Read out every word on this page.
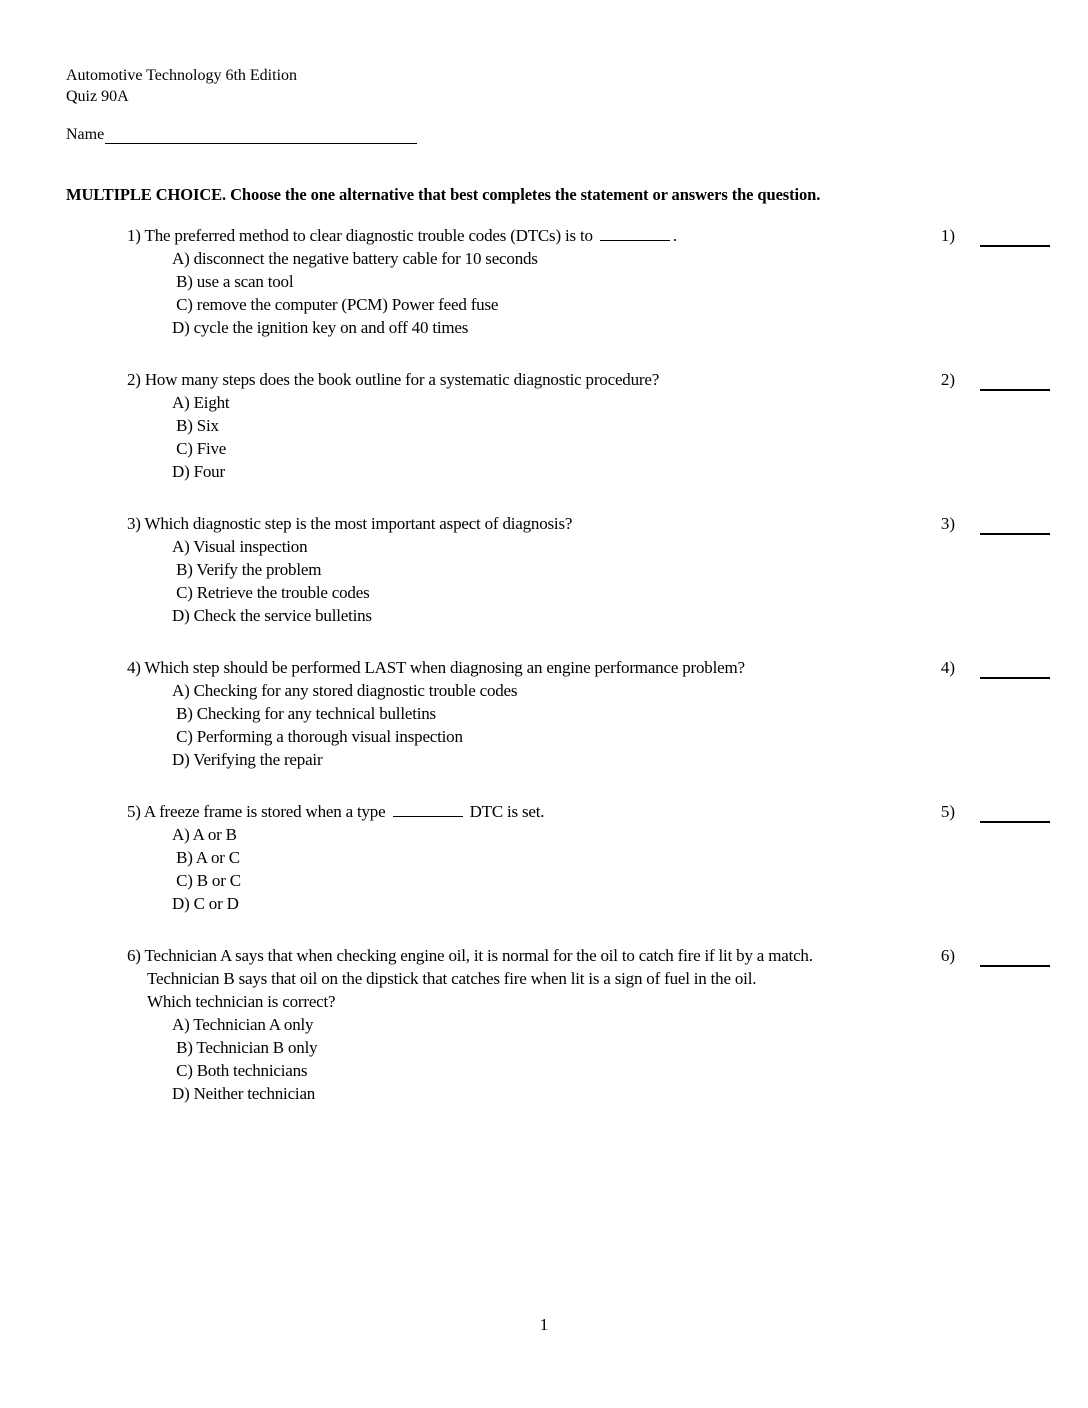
Automotive Technology 6th Edition
Quiz 90A
Name
MULTIPLE CHOICE. Choose the one alternative that best completes the statement or answers the question.
1) The preferred method to clear diagnostic trouble codes (DTCs) is to	.
A) disconnect the negative battery cable for 10 seconds
B) use a scan tool
C) remove the computer (PCM) Power feed fuse
D) cycle the ignition key on and off 40 times
1)
2) How many steps does the book outline for a systematic diagnostic procedure?
A) Eight
B) Six
C) Five
D) Four
2)
3) Which diagnostic step is the most important aspect of diagnosis?
A) Visual inspection
B) Verify the problem
C) Retrieve the trouble codes
D) Check the service bulletins
3)
4) Which step should be performed LAST when diagnosing an engine performance problem?
A) Checking for any stored diagnostic trouble codes
B) Checking for any technical bulletins
C) Performing a thorough visual inspection
D) Verifying the repair
4)
5) A freeze frame is stored when a type	DTC is set.
A) A or B
B) A or C
C) B or C
D) C or D
5)
6) Technician A says that when checking engine oil, it is normal for the oil to catch fire if lit by a match.
Technician B says that oil on the dipstick that catches fire when lit is a sign of fuel in the oil.
Which technician is correct?
A) Technician A only
B) Technician B only
C) Both technicians
D) Neither technician
6)
1
